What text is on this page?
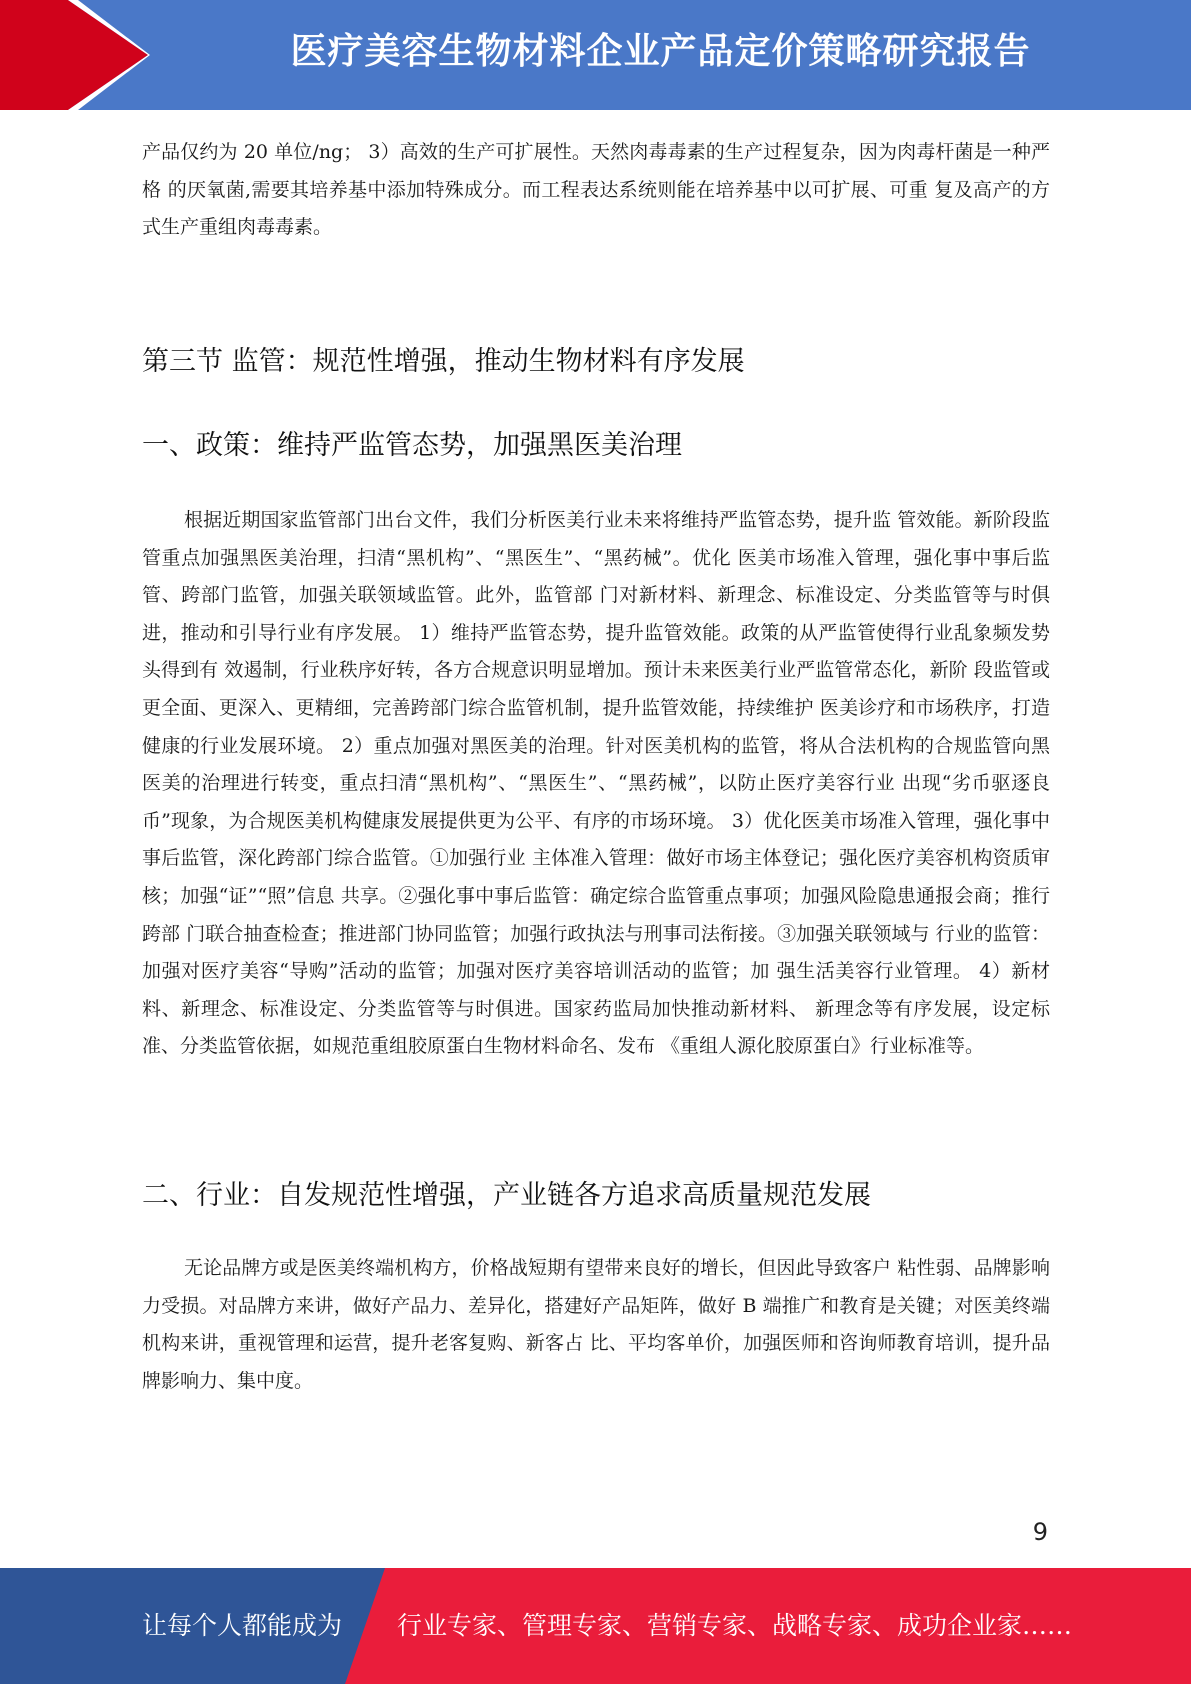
医疗美容生物材料企业产品定价策略研究报告

产品仅约为 20 单位/ng； 3）高效的生产可扩展性。天然肉毒毒素的生产过程复杂，因为肉毒杆菌是一种严格 的厌氧菌,需要其培养基中添加特殊成分。而工程表达系统则能在培养基中以可扩展、可重 复及高产的方式生产重组肉毒毒素。

第三节 监管：规范性增强，推动生物材料有序发展
一、政策：维持严监管态势，加强黑医美治理

根据近期国家监管部门出台文件，我们分析医美行业未来将维持严监管态势，提升监 管效能。新阶段监管重点加强黑医美治理，扫清“黑机构”、“黑医生”、“黑药械”。优化 医美市场准入管理，强化事中事后监管、跨部门监管，加强关联领域监管。此外，监管部 门对新材料、新理念、标准设定、分类监管等与时俱进，推动和引导行业有序发展。 1）维持严监管态势，提升监管效能。政策的从严监管使得行业乱象频发势头得到有 效遏制，行业秩序好转，各方合规意识明显增加。预计未来医美行业严监管常态化，新阶 段监管或更全面、更深入、更精细，完善跨部门综合监管机制，提升监管效能，持续维护 医美诊疗和市场秩序，打造健康的行业发展环境。 2）重点加强对黑医美的治理。针对医美机构的监管，将从合法机构的合规监管向黑 医美的治理进行转变，重点扫清“黑机构”、“黑医生”、“黑药械”，以防止医疗美容行业 出现“劣币驱逐良币”现象，为合规医美机构健康发展提供更为公平、有序的市场环境。 3）优化医美市场准入管理，强化事中事后监管，深化跨部门综合监管。①加强行业 主体准入管理：做好市场主体登记；强化医疗美容机构资质审核；加强“证”“照”信息 共享。②强化事中事后监管：确定综合监管重点事项；加强风险隐患通报会商；推行跨部 门联合抽查检查；推进部门协同监管；加强行政执法与刑事司法衔接。③加强关联领域与 行业的监管：加强对医疗美容“导购”活动的监管；加强对医疗美容培训活动的监管；加 强生活美容行业管理。 4）新材料、新理念、标准设定、分类监管等与时俱进。国家药监局加快推动新材料、 新理念等有序发展，设定标准、分类监管依据，如规范重组胶原蛋白生物材料命名、发布 《重组人源化胶原蛋白》行业标准等。

二、行业：自发规范性增强，产业链各方追求高质量规范发展

无论品牌方或是医美终端机构方，价格战短期有望带来良好的增长，但因此导致客户 粘性弱、品牌影响力受损。对品牌方来讲，做好产品力、差异化，搭建好产品矩阵，做好 B 端推广和教育是关键；对医美终端机构来讲，重视管理和运营，提升老客复购、新客占 比、平均客单价，加强医师和咨询师教育培训，提升品牌影响力、集中度。

9
让每个人都能成为 行业专家、管理专家、营销专家、战略专家、成功企业家……
